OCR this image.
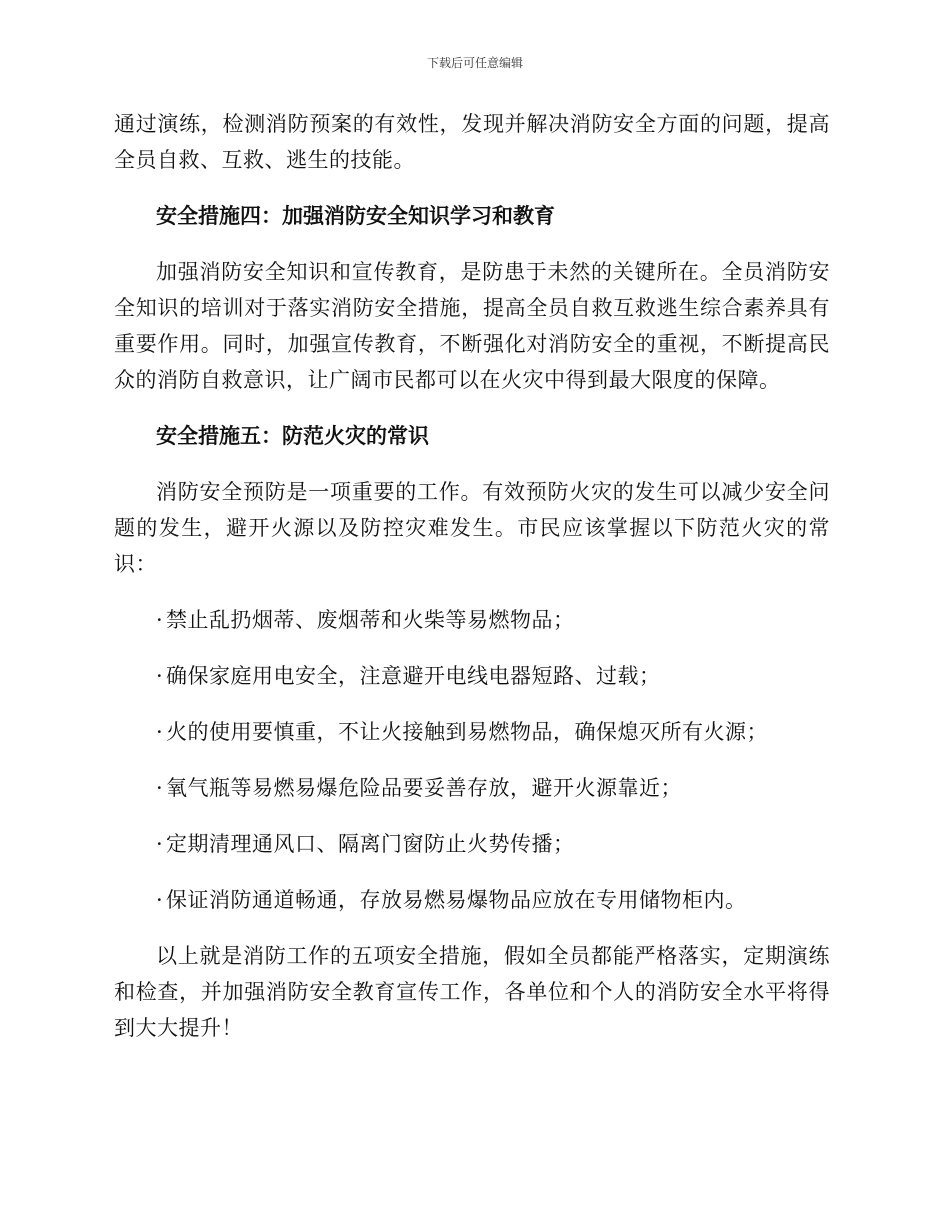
下载后可任意编辑

通过演练，检测消防预案的有效性，发现并解决消防安全方面的问题，提高全员自救、互救、逃生的技能。

安全措施四：加强消防安全知识学习和教育

加强消防安全知识和宣传教育，是防患于未然的关键所在。全员消防安全知识的培训对于落实消防安全措施，提高全员自救互救逃生综合素养具有重要作用。同时，加强宣传教育，不断强化对消防安全的重视，不断提高民众的消防自救意识，让广阔市民都可以在火灾中得到最大限度的保障。

安全措施五：防范火灾的常识

消防安全预防是一项重要的工作。有效预防火灾的发生可以减少安全问题的发生，避开火源以及防控灾难发生。市民应该掌握以下防范火灾的常识：

· 禁止乱扔烟蒂、废烟蒂和火柴等易燃物品；
· 确保家庭用电安全，注意避开电线电器短路、过载；
· 火的使用要慎重，不让火接触到易燃物品，确保熄灭所有火源；
· 氧气瓶等易燃易爆危险品要妥善存放，避开火源靠近；
· 定期清理通风口、隔离门窗防止火势传播；
· 保证消防通道畅通，存放易燃易爆物品应放在专用储物柜内。

以上就是消防工作的五项安全措施，假如全员都能严格落实，定期演练和检查，并加强消防安全教育宣传工作，各单位和个人的消防安全水平将得到大大提升！
